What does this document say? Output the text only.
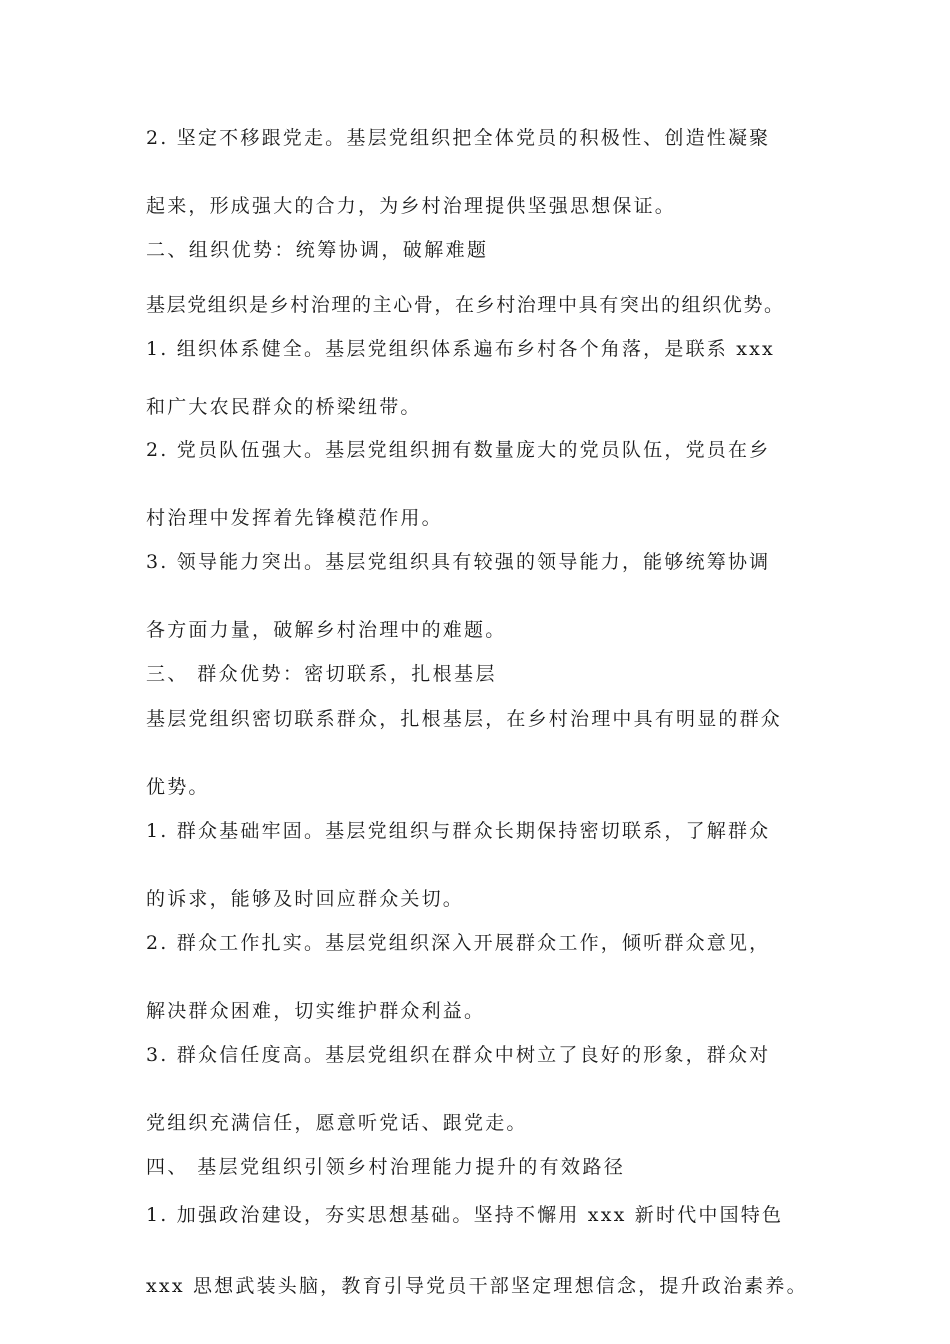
2. 坚定不移跟党走。基层党组织把全体党员的积极性、创造性凝聚
起来，形成强大的合力，为乡村治理提供坚强思想保证。
二、组织优势：统筹协调，破解难题
基层党组织是乡村治理的主心骨，在乡村治理中具有突出的组织优势。
1. 组织体系健全。基层党组织体系遍布乡村各个角落，是联系 xxx
和广大农民群众的桥梁纽带。
2. 党员队伍强大。基层党组织拥有数量庞大的党员队伍，党员在乡
村治理中发挥着先锋模范作用。
3. 领导能力突出。基层党组织具有较强的领导能力，能够统筹协调
各方面力量，破解乡村治理中的难题。
三、 群众优势：密切联系，扎根基层
基层党组织密切联系群众，扎根基层，在乡村治理中具有明显的群众
优势。
1. 群众基础牢固。基层党组织与群众长期保持密切联系，了解群众
的诉求，能够及时回应群众关切。
2. 群众工作扎实。基层党组织深入开展群众工作，倾听群众意见，
解决群众困难，切实维护群众利益。
3. 群众信任度高。基层党组织在群众中树立了良好的形象，群众对
党组织充满信任，愿意听党话、跟党走。
四、 基层党组织引领乡村治理能力提升的有效路径
1. 加强政治建设，夯实思想基础。坚持不懈用 xxx 新时代中国特色
xxx 思想武装头脑，教育引导党员干部坚定理想信念，提升政治素养。
